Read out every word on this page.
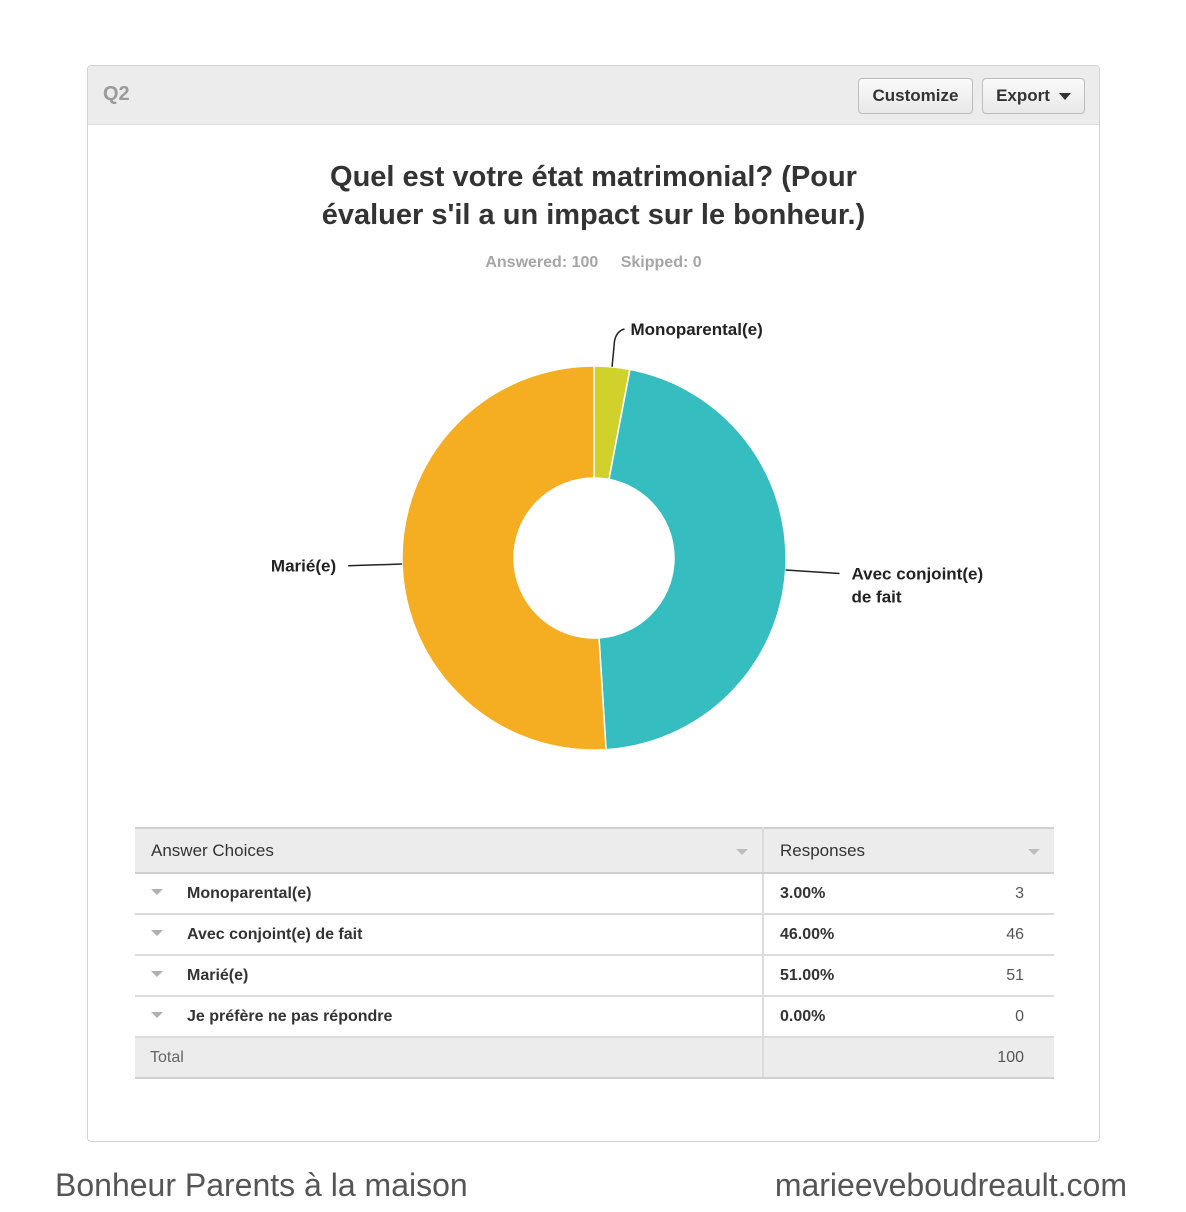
Q2	Customize	Export
Quel est votre état matrimonial? (Pour
évaluer s'il a un impact sur le bonheur.)
Answered: 100 Skipped: 0
Monoparental(e)
Avec conjoint(e)
de fait
Marié(e)
Answer Choices	Responses

Monoparental(e)	3.00% 3

Avec conjoint(e) de fait	46.00% 46

Marié(e)	51.00% 51

Je préfère ne pas répondre	0.00% 0

Total	100
Bonheur Parents à la maison	marieeveboudreault.com
